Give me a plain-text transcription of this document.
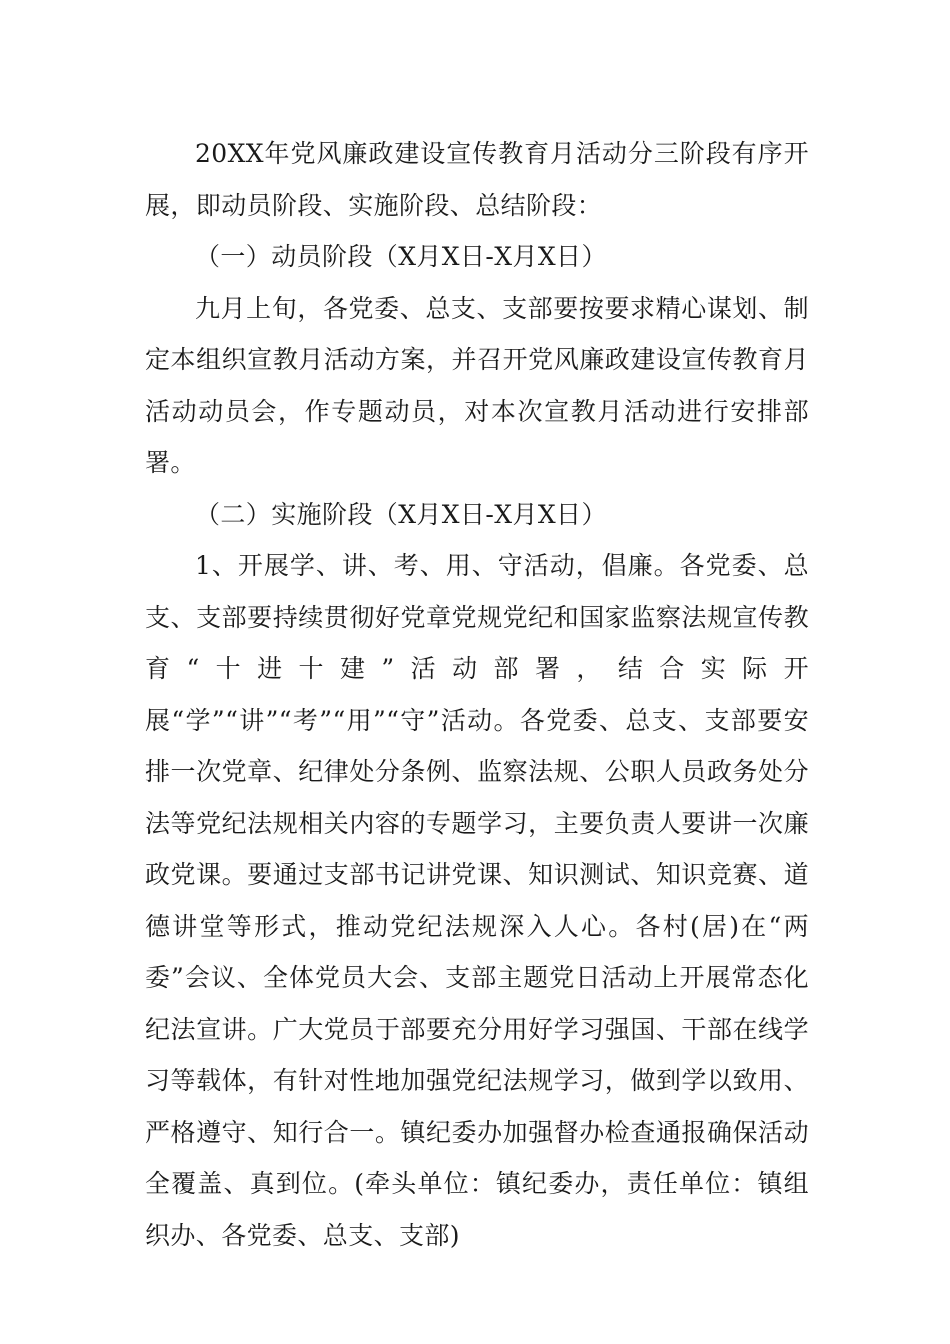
20XX年党风廉政建设宣传教育月活动分三阶段有序开展，即动员阶段、实施阶段、总结阶段：

（一）动员阶段（X月X日-X月X日）

九月上旬，各党委、总支、支部要按要求精心谋划、制定本组织宣教月活动方案，并召开党风廉政建设宣传教育月活动动员会，作专题动员，对本次宣教月活动进行安排部署。

（二）实施阶段（X月X日-X月X日）

1、开展学、讲、考、用、守活动，倡廉。各党委、总支、支部要持续贯彻好党章党规党纪和国家监察法规宣传教育“十进十建”活动部署，结合实际开展“学”“讲”“考”“用”“守”活动。各党委、总支、支部要安排一次党章、纪律处分条例、监察法规、公职人员政务处分法等党纪法规相关内容的专题学习，主要负责人要讲一次廉政党课。要通过支部书记讲党课、知识测试、知识竞赛、道德讲堂等形式，推动党纪法规深入人心。各村(居)在“两委”会议、全体党员大会、支部主题党日活动上开展常态化纪法宣讲。广大党员于部要充分用好学习强国、干部在线学习等载体，有针对性地加强党纪法规学习，做到学以致用、严格遵守、知行合一。镇纪委办加强督办检查通报确保活动全覆盖、真到位。(牵头单位：镇纪委办，责任单位：镇组织办、各党委、总支、支部)
